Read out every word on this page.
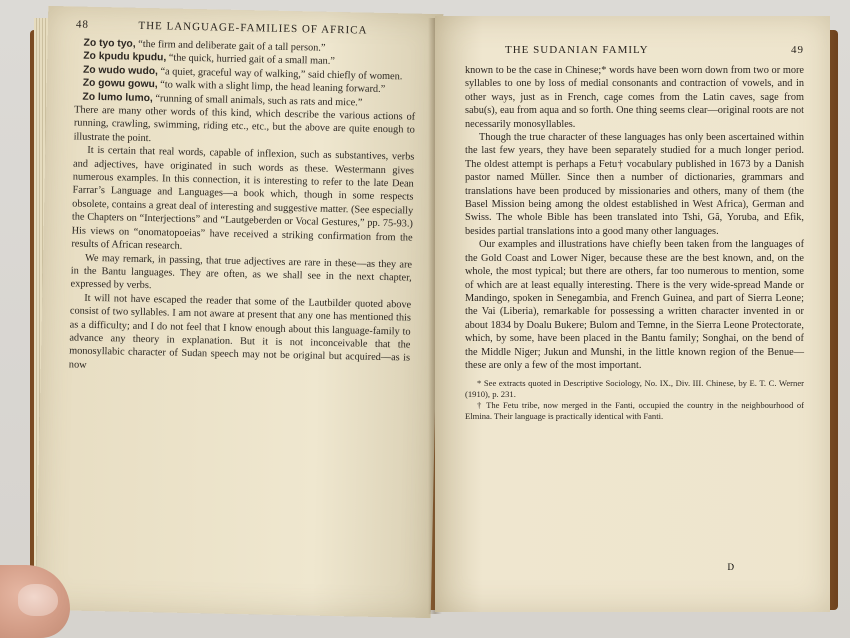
48	THE LANGUAGE-FAMILIES OF AFRICA
Zo tyo tyo, “the firm and deliberate gait of a tall person.”
Zo kpudu kpudu, “the quick, hurried gait of a small man.”
Zo wudo wudo, “a quiet, graceful way of walking,” said chiefly of women.
Zo gowu gowu, “to walk with a slight limp, the head leaning forward.”
Zo lumo lumo, “running of small animals, such as rats and mice.”

There are many other words of this kind, which describe the various actions of running, crawling, swimming, riding etc., etc., but the above are quite enough to illustrate the point.

It is certain that real words, capable of inflexion, such as substantives, verbs and adjectives, have originated in such words as these. Westermann gives numerous examples. In this connection, it is interesting to refer to the late Dean Farrar’s Language and Languages—a book which, though in some respects obsolete, contains a great deal of interesting and suggestive matter. (See especially the Chapters on “Interjections” and “Lautgeberden or Vocal Gestures,” pp. 75-93.) His views on “onomatopoeias” have received a striking confirmation from the results of African research.

We may remark, in passing, that true adjectives are rare in these—as they are in the Bantu languages. They are often, as we shall see in the next chapter, expressed by verbs.

It will not have escaped the reader that some of the Lautbilder quoted above consist of two syllables. I am not aware at present that any one has mentioned this as a difficulty; and I do not feel that I know enough about this language-family to advance any theory in explanation. But it is not inconceivable that the monosyllabic character of Sudan speech may not be original but acquired—as is now

THE SUDANIAN FAMILY	49

known to be the case in Chinese;* words have been worn down from two or more syllables to one by loss of medial consonants and contraction of vowels, and in other ways, just as in French, cage comes from the Latin caves, sage from sabu(s), eau from aqua and so forth. One thing seems clear—original roots are not necessarily monosyllables.

Though the true character of these languages has only been ascertained within the last few years, they have been separately studied for a much longer period. The oldest attempt is perhaps a Fetu† vocabulary published in 1673 by a Danish pastor named Müller. Since then a number of dictionaries, grammars and translations have been produced by missionaries and others, many of them (the Basel Mission being among the oldest established in West Africa), German and Swiss. The whole Bible has been translated into Tshi, Gã, Yoruba, and Efik, besides partial translations into a good many other languages.

Our examples and illustrations have chiefly been taken from the languages of the Gold Coast and Lower Niger, because these are the best known, and, on the whole, the most typical; but there are others, far too numerous to mention, some of which are at least equally interesting. There is the very wide-spread Mande or Mandingo, spoken in Senegambia, and French Guinea, and part of Sierra Leone; the Vai (Liberia), remarkable for possessing a written character invented in or about 1834 by Doalu Bukere; Bulom and Temne, in the Sierra Leone Protectorate, which, by some, have been placed in the Bantu family; Songhai, on the bend of the Middle Niger; Jukun and Munshi, in the little known region of the Benue—these are only a few of the most important.

* See extracts quoted in Descriptive Sociology, No. IX., Div. III. Chinese, by E. T. C. Werner (1910), p. 231.

† The Fetu tribe, now merged in the Fanti, occupied the country in the neighbourhood of Elmina. Their language is practically identical with Fanti.

D
